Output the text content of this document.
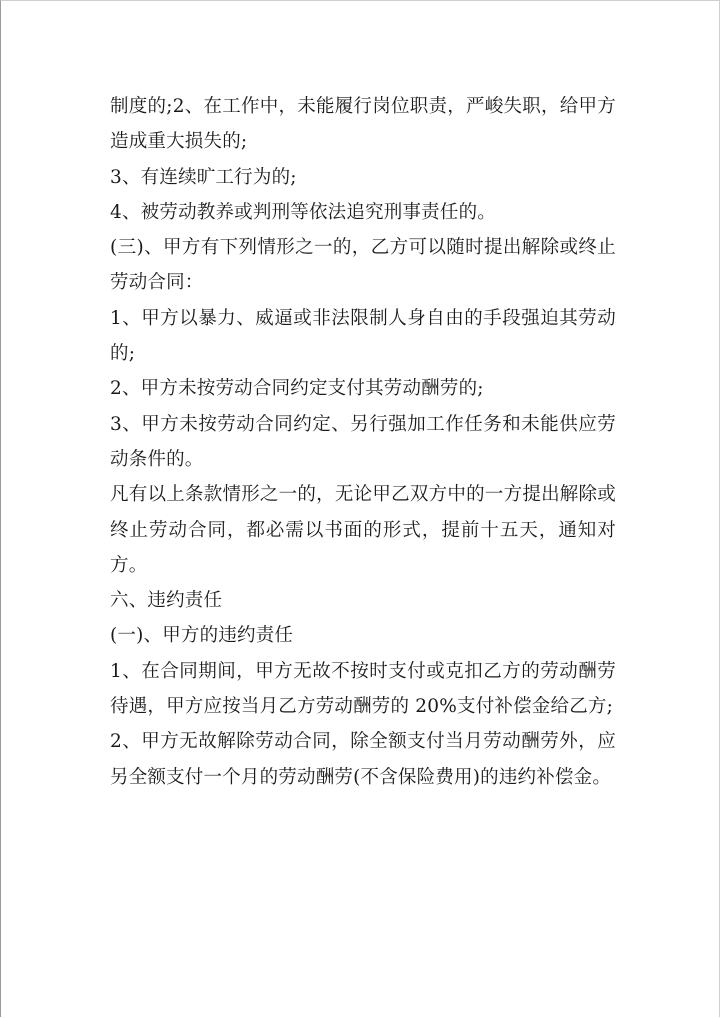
制度的;2、在工作中，未能履行岗位职责，严峻失职，给甲方造成重大损失的;

3、有连续旷工行为的;

4、被劳动教养或判刑等依法追究刑事责任的。

(三)、甲方有下列情形之一的，乙方可以随时提出解除或终止劳动合同：

1、甲方以暴力、威逼或非法限制人身自由的手段强迫其劳动的;

2、甲方未按劳动合同约定支付其劳动酬劳的;

3、甲方未按劳动合同约定、另行强加工作任务和未能供应劳动条件的。

凡有以上条款情形之一的，无论甲乙双方中的一方提出解除或终止劳动合同，都必需以书面的形式，提前十五天，通知对方。

六、违约责任

(一)、甲方的违约责任

1、在合同期间，甲方无故不按时支付或克扣乙方的劳动酬劳待遇，甲方应按当月乙方劳动酬劳的 20%支付补偿金给乙方;

2、甲方无故解除劳动合同，除全额支付当月劳动酬劳外，应另全额支付一个月的劳动酬劳(不含保险费用)的违约补偿金。
